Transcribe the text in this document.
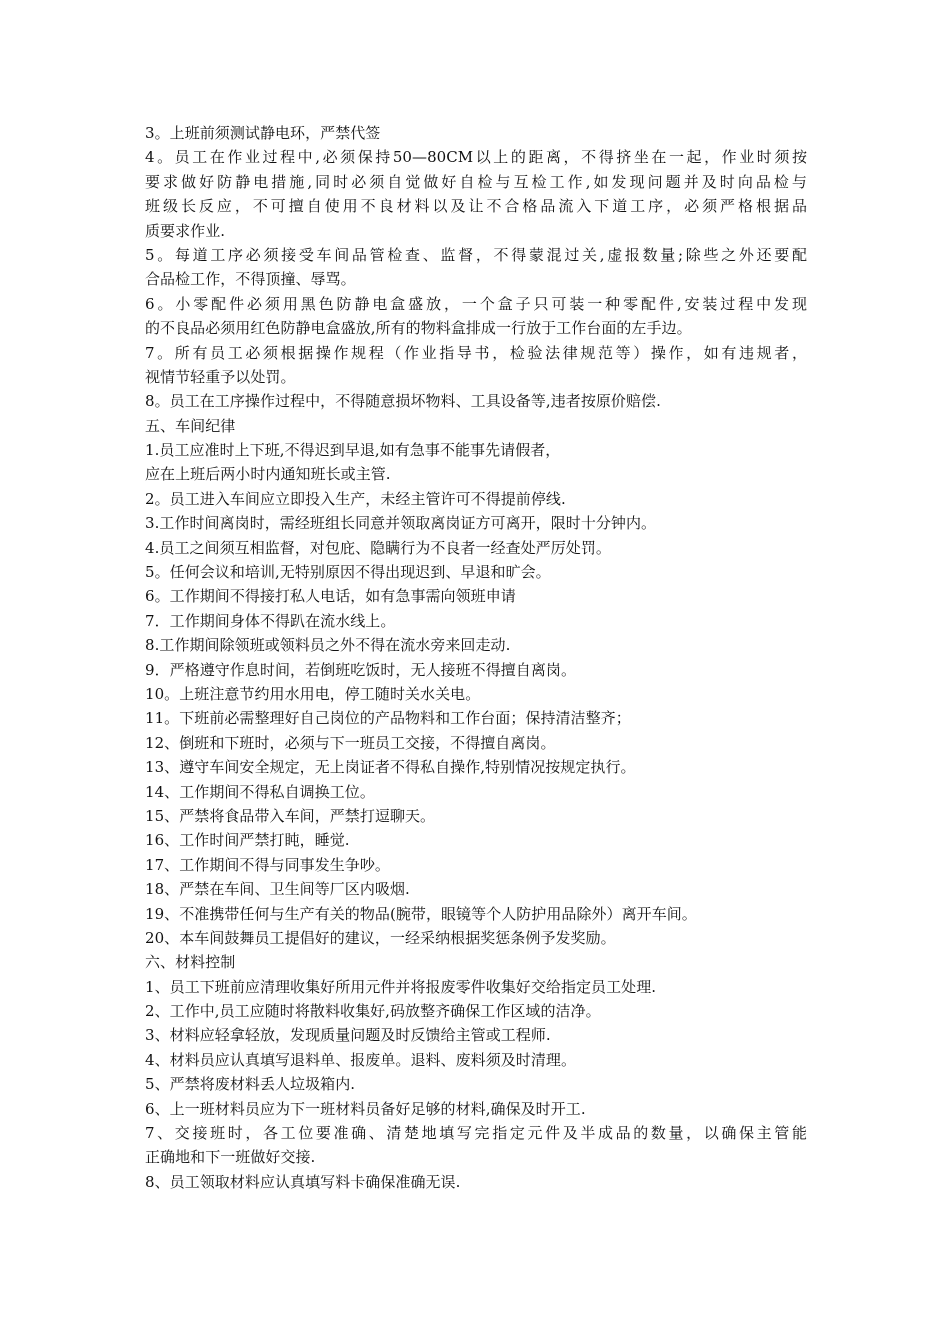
3。上班前须测试静电环，严禁代签
4。员工在作业过程中,必须保持50—80CM以上的距离，不得挤坐在一起，作业时须按
要求做好防静电措施,同时必须自觉做好自检与互检工作,如发现问题并及时向品检与
班级长反应，不可擅自使用不良材料以及让不合格品流入下道工序，必须严格根据品
质要求作业.
5。每道工序必须接受车间品管检查、监督，不得蒙混过关,虚报数量;除些之外还要配
合品检工作，不得顶撞、辱骂。
6。小零配件必须用黑色防静电盒盛放，一个盒子只可装一种零配件,安装过程中发现
的不良品必须用红色防静电盒盛放,所有的物料盒排成一行放于工作台面的左手边。
7。所有员工必须根据操作规程（作业指导书，检验法律规范等）操作，如有违规者，
视情节轻重予以处罚。
8。员工在工序操作过程中，不得随意损坏物料、工具设备等,违者按原价赔偿.
五、车间纪律
1.员工应准时上下班,不得迟到早退,如有急事不能事先请假者，
应在上班后两小时内通知班长或主管.
2。员工进入车间应立即投入生产，未经主管许可不得提前停线.
3.工作时间离岗时，需经班组长同意并领取离岗证方可离开，限时十分钟内。
4.员工之间须互相监督，对包庇、隐瞒行为不良者一经查处严厉处罚。
5。任何会议和培训,无特别原因不得出现迟到、早退和旷会。
6。工作期间不得接打私人电话，如有急事需向领班申请
7．工作期间身体不得趴在流水线上。
8.工作期间除领班或领料员之外不得在流水旁来回走动.
9．严格遵守作息时间，若倒班吃饭时，无人接班不得擅自离岗。
10。上班注意节约用水用电，停工随时关水关电。
11。下班前必需整理好自己岗位的产品物料和工作台面；保持清洁整齐；
12、倒班和下班时，必须与下一班员工交接，不得擅自离岗。
13、遵守车间安全规定，无上岗证者不得私自操作,特别情况按规定执行。
14、工作期间不得私自调换工位。
15、严禁将食品带入车间，严禁打逗聊天。
16、工作时间严禁打盹，睡觉.
17、工作期间不得与同事发生争吵。
18、严禁在车间、卫生间等厂区内吸烟.
19、不准携带任何与生产有关的物品(腕带，眼镜等个人防护用品除外）离开车间。
20、本车间鼓舞员工提倡好的建议，一经采纳根据奖惩条例予发奖励。
六、材料控制
1、员工下班前应清理收集好所用元件并将报废零件收集好交给指定员工处理.
2、工作中,员工应随时将散料收集好,码放整齐确保工作区域的洁净。
3、材料应轻拿轻放，发现质量问题及时反馈给主管或工程师.
4、材料员应认真填写退料单、报废单。退料、废料须及时清理。
5、严禁将废材料丢人垃圾箱内.
6、上一班材料员应为下一班材料员备好足够的材料,确保及时开工.
7、交接班时，各工位要准确、清楚地填写完指定元件及半成品的数量，以确保主管能
正确地和下一班做好交接.
8、员工领取材料应认真填写料卡确保准确无误.
